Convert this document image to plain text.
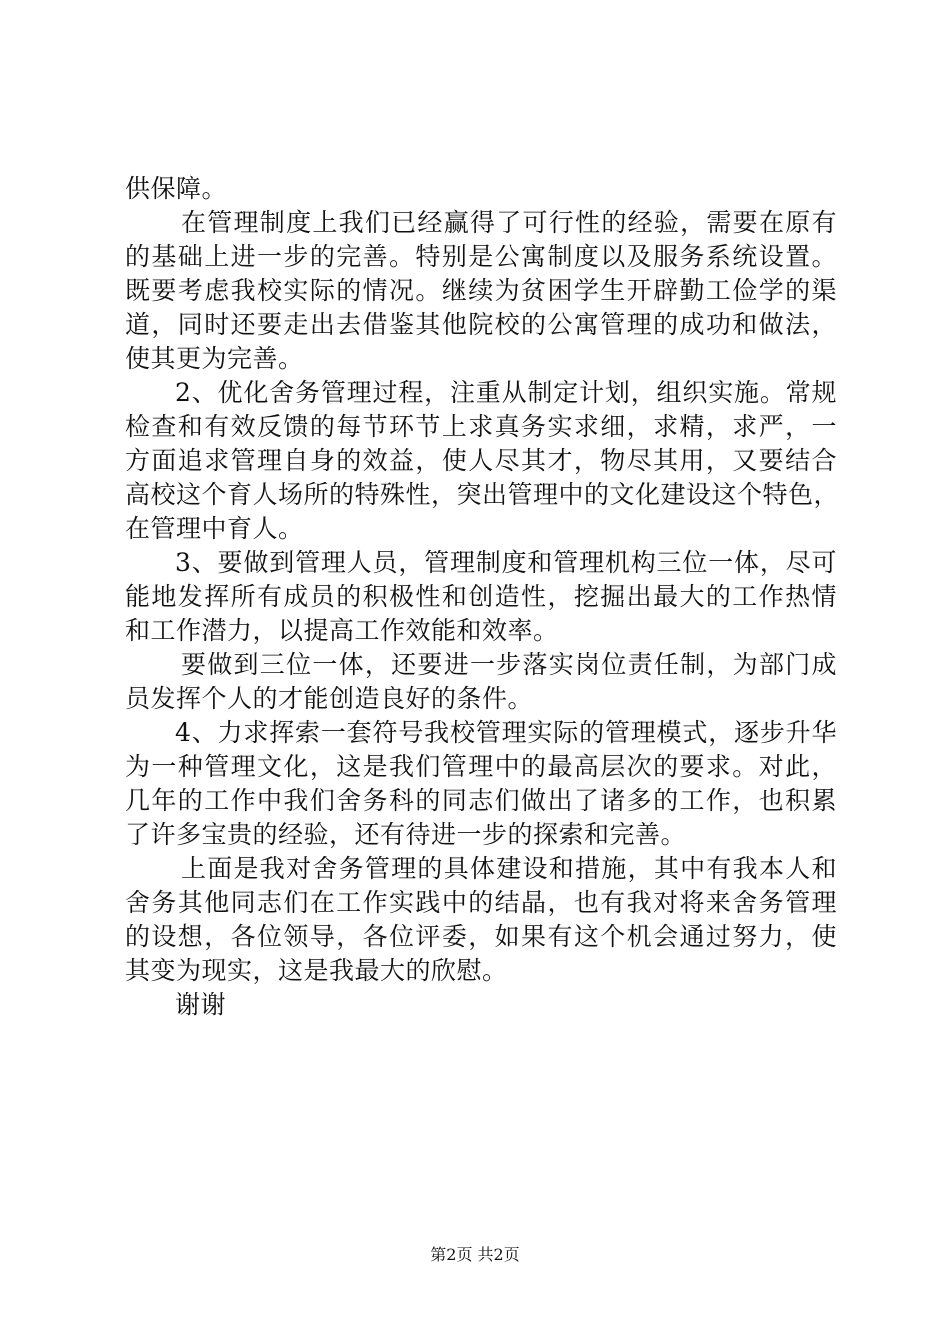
供保障。
在管理制度上我们已经赢得了可行性的经验，需要在原有
的基础上进一步的完善。特别是公寓制度以及服务系统设置。
既要考虑我校实际的情况。继续为贫困学生开辟勤工俭学的渠
道，同时还要走出去借鉴其他院校的公寓管理的成功和做法，
使其更为完善。
2、优化舍务管理过程，注重从制定计划，组织实施。常规
检查和有效反馈的每节环节上求真务实求细，求精，求严，一
方面追求管理自身的效益，使人尽其才，物尽其用，又要结合
高校这个育人场所的特殊性，突出管理中的文化建设这个特色，
在管理中育人。
3、要做到管理人员，管理制度和管理机构三位一体，尽可
能地发挥所有成员的积极性和创造性，挖掘出最大的工作热情
和工作潜力，以提高工作效能和效率。
要做到三位一体，还要进一步落实岗位责任制，为部门成
员发挥个人的才能创造良好的条件。
4、力求挥索一套符号我校管理实际的管理模式，逐步升华
为一种管理文化，这是我们管理中的最高层次的要求。对此，
几年的工作中我们舍务科的同志们做出了诸多的工作，也积累
了许多宝贵的经验，还有待进一步的探索和完善。
上面是我对舍务管理的具体建设和措施，其中有我本人和
舍务其他同志们在工作实践中的结晶，也有我对将来舍务管理
的设想，各位领导，各位评委，如果有这个机会通过努力，使
其变为现实，这是我最大的欣慰。
谢谢
第2页 共2页
